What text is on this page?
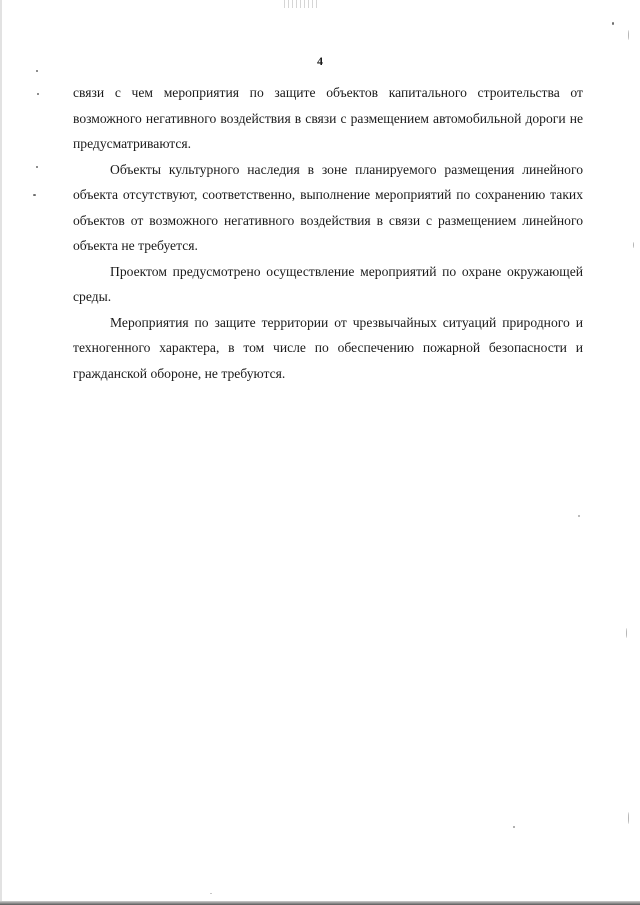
4

связи с чем мероприятия по защите объектов капитального строительства от возможного негативного воздействия в связи с размещением автомобильной дороги не предусматриваются.

Объекты культурного наследия в зоне планируемого размещения линейного объекта отсутствуют, соответственно, выполнение мероприятий по сохранению таких объектов от возможного негативного воздействия в связи с размещением линейного объекта не требуется.

Проектом предусмотрено осуществление мероприятий по охране окружающей среды.

Мероприятия по защите территории от чрезвычайных ситуаций природного и техногенного характера, в том числе по обеспечению пожарной безопасности и гражданской обороне, не требуются.
